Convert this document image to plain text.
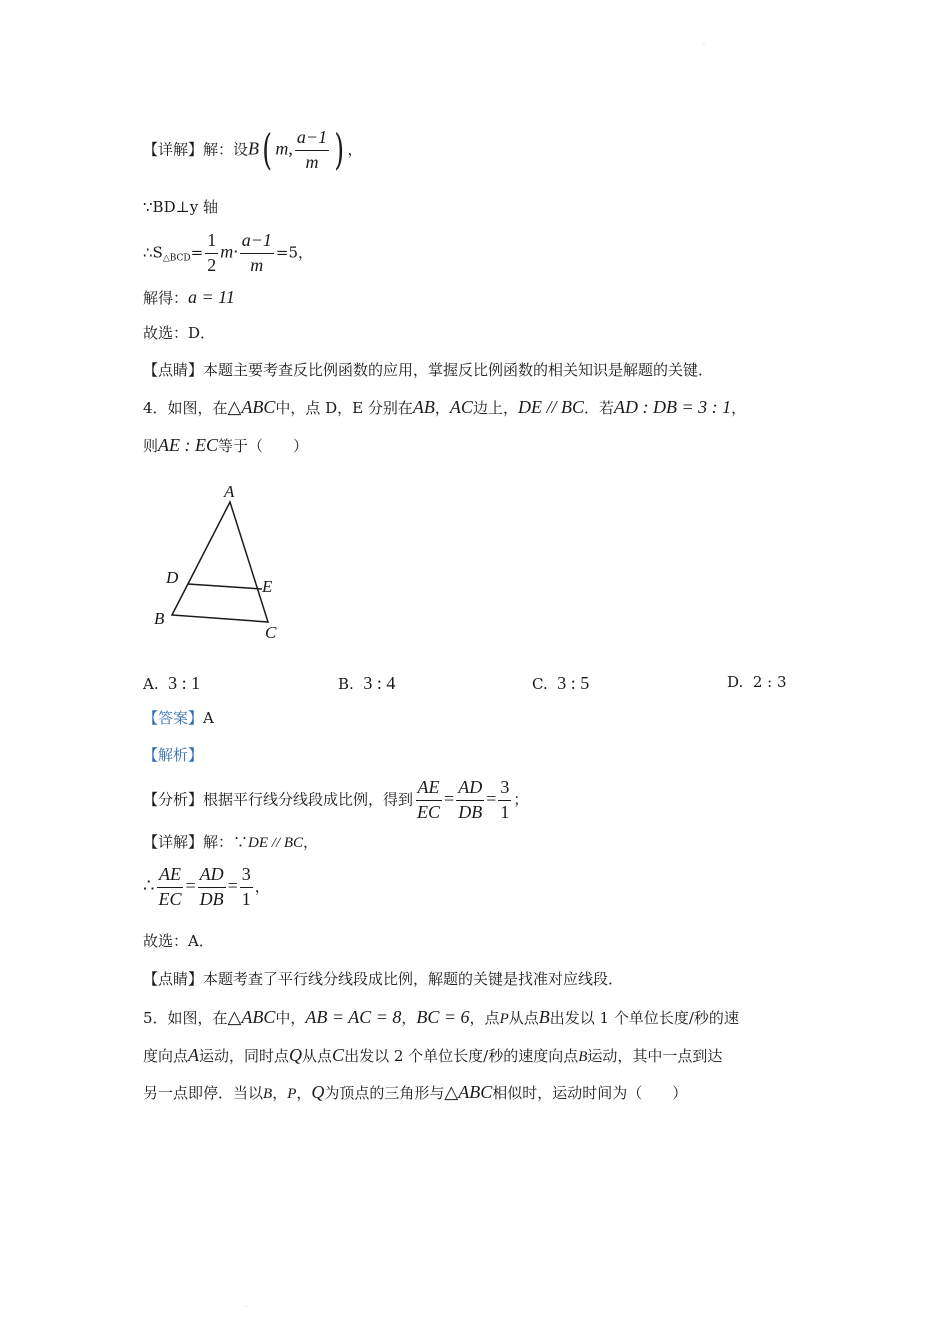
·
【详解】解：设B( m, $\frac{a-1}{m}$ ) ，
∵BD⊥y 轴
$\therefore S_{\triangle BCD}= \frac{1}{2} m\cdot \frac{a-1}{m} =5$，
解得：a = 11
故选：D．
【点睛】本题主要考查反比例函数的应用，掌握反比例函数的相关知识是解题的关键．
4．如图，在△ABC中，点 D，E 分别在AB，AC边上，DE // BC．若AD : DB = 3 : 1，
则AE : EC等于（　　）
A
D	E
B
C
A. 3 : 1	B. 3 : 4	C. 3 : 5	D. 2 : 3
【答案】A
【解析】
【分析】根据平行线分线段成比例，得到 $\frac{AE}{EC} = \frac{AD}{DB} = \frac{3}{1}$ ；
【详解】解：∵DE // BC，
∴ $\frac{AE}{EC} = \frac{AD}{DB} = \frac{3}{1}$ ，
故选：A．
【点睛】本题考查了平行线分线段成比例，解题的关键是找准对应线段．
5．如图，在△ABC中，AB = AC = 8，BC = 6，点P从点B出发以 1 个单位长度/秒的速
度向点A运动，同时点Q从点C出发以 2 个单位长度/秒的速度向点B运动，其中一点到达
另一点即停．当以B，P，Q为顶点的三角形与△ABC相似时，运动时间为（　　）
·
